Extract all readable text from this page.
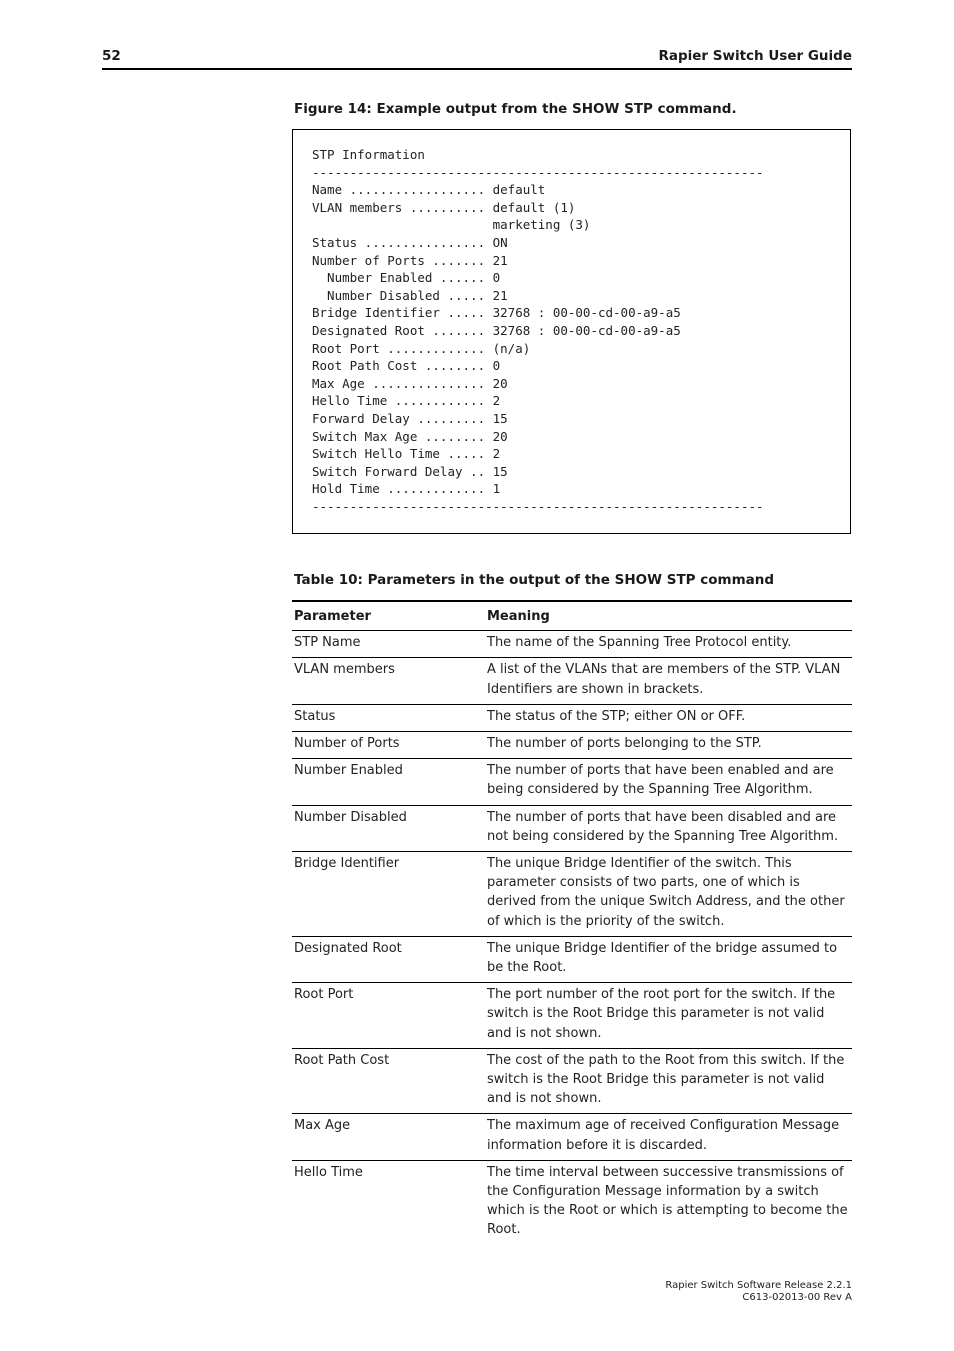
52	Rapier Switch User Guide
Figure 14: Example output from the SHOW STP command.
STP Information
------------------------------------------------------------
Name .................. default
VLAN members .......... default (1)
marketing (3)
Status ................ ON
Number of Ports ....... 21
Number Enabled ...... 0
Number Disabled ..... 21
Bridge Identifier ..... 32768 : 00-00-cd-00-a9-a5
Designated Root ....... 32768 : 00-00-cd-00-a9-a5
Root Port ............. (n/a)
Root Path Cost ........ 0
Max Age ............... 20
Hello Time ............ 2
Forward Delay ......... 15
Switch Max Age ........ 20
Switch Hello Time ..... 2
Switch Forward Delay .. 15
Hold Time ............. 1
------------------------------------------------------------
Table 10: Parameters in the output of the SHOW STP command
Parameter	Meaning
STP Name	The name of the Spanning Tree Protocol entity.
VLAN members	A list of the VLANs that are members of the STP. VLAN Identifiers are shown in brackets.
Status	The status of the STP; either ON or OFF.
Number of Ports	The number of ports belonging to the STP.
Number Enabled	The number of ports that have been enabled and are being considered by the Spanning Tree Algorithm.
Number Disabled	The number of ports that have been disabled and are not being considered by the Spanning Tree Algorithm.
Bridge Identifier	The unique Bridge Identifier of the switch. This parameter consists of two parts, one of which is derived from the unique Switch Address, and the other of which is the priority of the switch.
Designated Root	The unique Bridge Identifier of the bridge assumed to be the Root.
Root Port	The port number of the root port for the switch. If the switch is the Root Bridge this parameter is not valid and is not shown.
Root Path Cost	The cost of the path to the Root from this switch. If the switch is the Root Bridge this parameter is not valid and is not shown.
Max Age	The maximum age of received Configuration Message information before it is discarded.
Hello Time	The time interval between successive transmissions of the Configuration Message information by a switch which is the Root or which is attempting to become the Root.
Rapier Switch Software Release 2.2.1
C613-02013-00 Rev A
